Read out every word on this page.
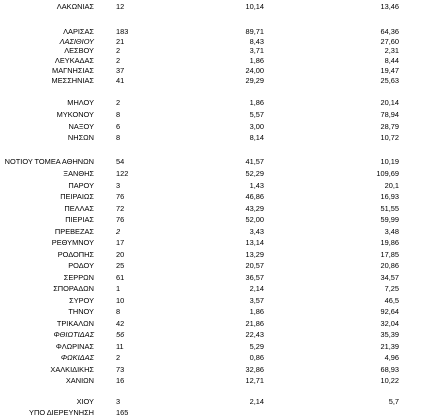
ΛΑΚΩΝΙΑΣ	12	10,14	13,46
ΛΑΡΙΣΑΣ	183	89,71	64,36
ΛΑΣΙΘΙΟΥ	21	8,43	27,60
ΛΕΣΒΟΥ	2	3,71	2,31
ΛΕΥΚΑΔΑΣ	2	1,86	8,44
ΜΑΓΝΗΣΙΑΣ	37	24,00	19,47
ΜΕΣΣΗΝΙΑΣ	41	29,29	25,63
ΜΗΛΟΥ	2	1,86	20,14
ΜΥΚΟΝΟΥ	8	5,57	78,94
ΝΑΞΟΥ	6	3,00	28,79
ΝΗΣΩΝ	8	8,14	10,72
ΝΟΤΙΟΥ ΤΟΜΕΑ ΑΘΗΝΩΝ	54	41,57	10,19
ΞΑΝΘΗΣ	122	52,29	109,69
ΠΑΡΟΥ	3	1,43	20,1
ΠΕΙΡΑΙΩΣ	76	46,86	16,93
ΠΕΛΛΑΣ	72	43,29	51,55
ΠΙΕΡΙΑΣ	76	52,00	59,99
ΠΡΕΒΕΖΑΣ	2	3,43	3,48
ΡΕΘΥΜΝΟΥ	17	13,14	19,86
ΡΟΔΟΠΗΣ	20	13,29	17,85
ΡΟΔΟΥ	25	20,57	20,86
ΣΕΡΡΩΝ	61	36,57	34,57
ΣΠΟΡΑΔΩΝ	1	2,14	7,25
ΣΥΡΟΥ	10	3,57	46,5
ΤΗΝΟΥ	8	1,86	92,64
ΤΡΙΚΑΛΩΝ	42	21,86	32,04
ΦΘΙΩΤΙΔΑΣ	56	22,43	35,39
ΦΛΩΡΙΝΑΣ	11	5,29	21,39
ΦΩΚΙΔΑΣ	2	0,86	4,96
ΧΑΛΚΙΔΙΚΗΣ	73	32,86	68,93
ΧΑΝΙΩΝ	16	12,71	10,22
ΧΙΟΥ	3	2,14	5,7
ΥΠΟ ΔΙΕΡΕΥΝΗΣΗ	165
